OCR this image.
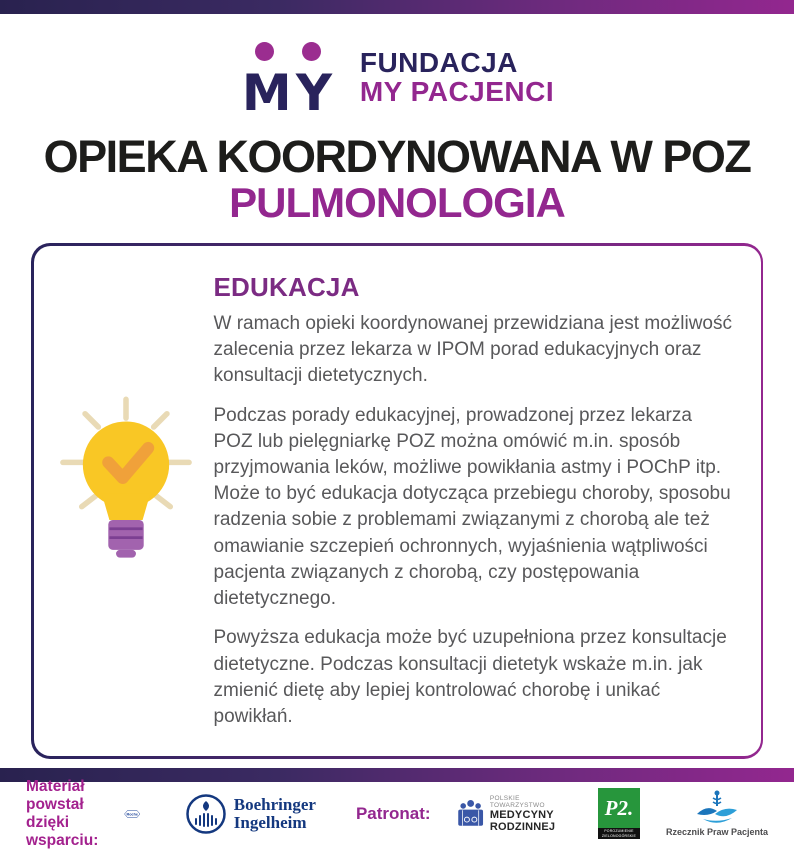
M Y
FUNDACJA
MY PACJENCI
OPIEKA KOORDYNOWANA W POZ
PULMONOLOGIA
EDUKACJA

W ramach opieki koordynowanej przewidziana jest możliwość zalecenia przez lekarza w IPOM porad edukacyjnych oraz konsultacji dietetycznych.

Podczas porady edukacyjnej, prowadzonej przez lekarza POZ lub pielęgniarkę POZ można omówić m.in. sposób przyjmowania leków, możliwe powikłania astmy i POChP itp. Może to być edukacja dotycząca przebiegu choroby, sposobu radzenia sobie z problemami związanymi z chorobą ale też omawianie szczepień ochronnych, wyjaśnienia wątpliwości pacjenta związanych z chorobą, czy postępowania dietetycznego.

Powyższa edukacja może być uzupełniona przez konsultacje dietetyczne. Podczas konsultacji dietetyk wskaże m.in. jak zmienić dietę aby lepiej kontrolować chorobę i unikać powikłań.

Materiał powstał
dzięki wsparciu:
Roche
Boehringer
Ingelheim	Patronat:
POLSKIE TOWARZYSTWO
MEDYCYNY RODZINNEJ
P2.
POROZUMIENIE
ZIELONOGÓRSKIE	Rzecznik Praw Pacjenta
